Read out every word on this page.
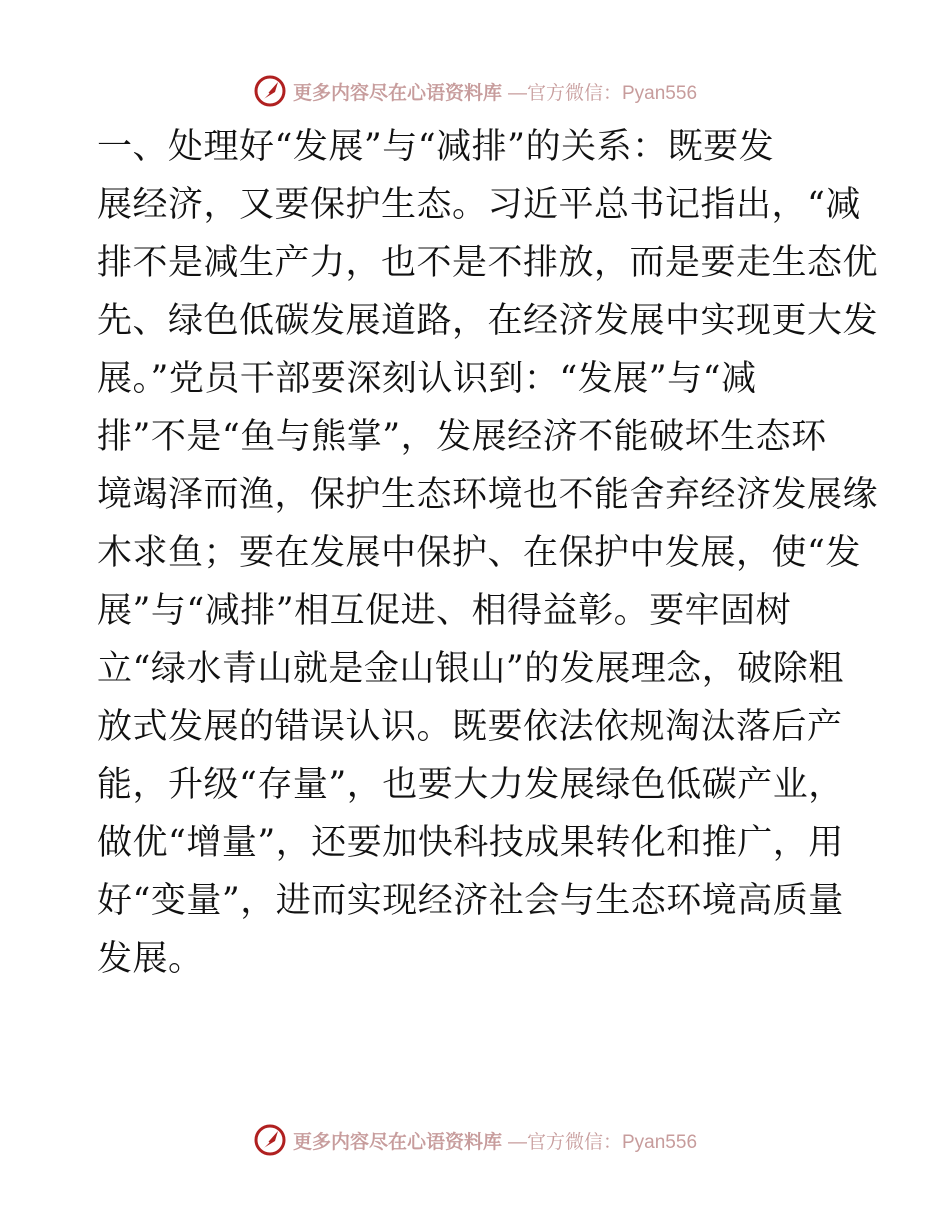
更多内容尽在心语资料库 —官方微信：Pyan556
一、处理好“发展”与“减排”的关系：既要发
展经济，又要保护生态。习近平总书记指出，“减
排不是减生产力，也不是不排放，而是要走生态优
先、绿色低碳发展道路，在经济发展中实现更大发
展。”党员干部要深刻认识到：“发展”与“减
排”不是“鱼与熊掌”，发展经济不能破坏生态环
境竭泽而渔，保护生态环境也不能舍弃经济发展缘
木求鱼；要在发展中保护、在保护中发展，使“发
展”与“减排”相互促进、相得益彰。要牢固树
立“绿水青山就是金山银山”的发展理念，破除粗
放式发展的错误认识。既要依法依规淘汰落后产
能，升级“存量”，也要大力发展绿色低碳产业，
做优“增量”，还要加快科技成果转化和推广，用
好“变量”，进而实现经济社会与生态环境高质量
发展。
更多内容尽在心语资料库 —官方微信：Pyan556
